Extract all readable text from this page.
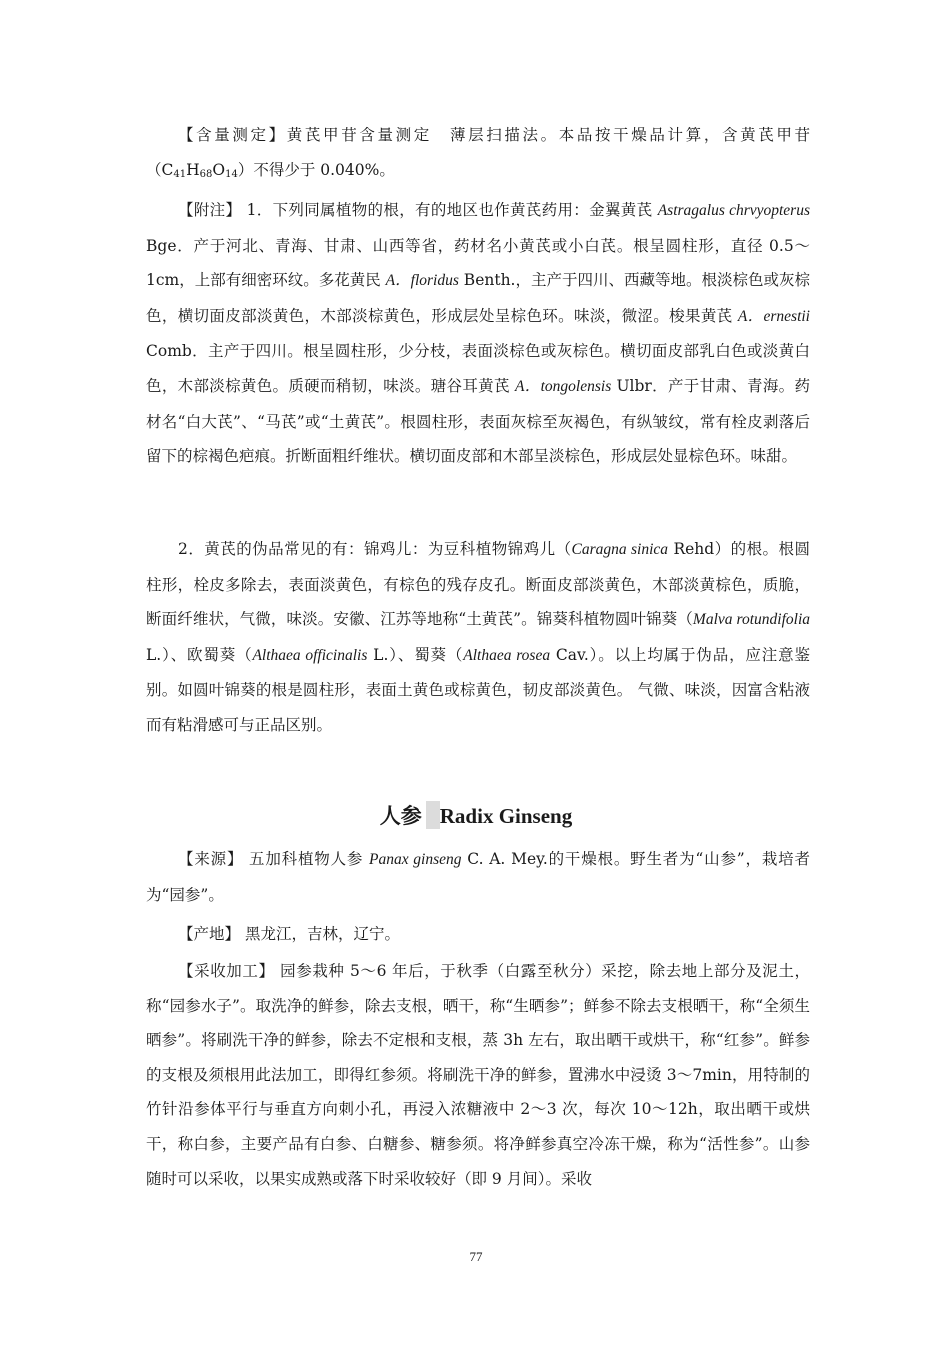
【含量测定】黄芪甲苷含量测定　薄层扫描法。本品按干燥品计算，含黄芪甲苷$(C_{41}H_{68}O_{14})$不得少于 0.040%。

【附注】 1．下列同属植物的根，有的地区也作黄芪药用：金翼黄芪 Astragalus chrvyopterus Bge．产于河北、青海、甘肃、山西等省，药材名小黄芪或小白芪。根呈圆柱形，直径 0.5～1cm，上部有细密环纹。多花黄民 A．floridus Benth.，主产于四川、西藏等地。根淡棕色或灰棕色，横切面皮部淡黄色，木部淡棕黄色，形成层处呈棕色环。味淡，微涩。梭果黄芪 A．ernestii Comb．主产于四川。根呈圆柱形，少分枝，表面淡棕色或灰棕色。横切面皮部乳白色或淡黄白色，木部淡棕黄色。质硬而稍韧，味淡。瑭谷耳黄芪 A．tongolensis Ulbr．产于甘肃、青海。药材名“白大芪”、“马芪”或“土黄芪”。根圆柱形，表面灰棕至灰褐色，有纵皱纹，常有栓皮剥落后留下的棕褐色疤痕。折断面粗纤维状。横切面皮部和木部呈淡棕色，形成层处显棕色环。味甜。

2．黄芪的伪品常见的有：锦鸡儿：为豆科植物锦鸡儿（Caragna sinica Rehd）的根。根圆柱形，栓皮多除去，表面淡黄色，有棕色的残存皮孔。断面皮部淡黄色，木部淡黄棕色，质脆，断面纤维状，气微，味淡。安徽、江苏等地称“土黄芪”。锦葵科植物圆叶锦葵（Malva rotundifolia L.）、欧蜀葵（Althaea officinalis L.）、蜀葵（Althaea rosea Cav.）。以上均属于伪品，应注意鉴别。如圆叶锦葵的根是圆柱形，表面土黄色或棕黄色，韧皮部淡黄色。 气微、味淡，因富含粘液而有粘滑感可与正品区别。

人参 Radix Ginseng

【来源】 五加科植物人参 Panax ginseng C. A. Mey.的干燥根。野生者为“山参”，栽培者为“园参”。

【产地】 黑龙江，吉林，辽宁。

【采收加工】 园参栽种 5～6 年后，于秋季（白露至秋分）采挖，除去地上部分及泥土，称“园参水子”。取洗净的鲜参，除去支根，晒干，称“生晒参”；鲜参不除去支根晒干，称“全须生晒参”。将刷洗干净的鲜参，除去不定根和支根，蒸 3h 左右，取出晒干或烘干，称“红参”。鲜参的支根及须根用此法加工，即得红参须。将刷洗干净的鲜参，置沸水中浸烫 3～7min，用特制的竹针沿参体平行与垂直方向刺小孔，再浸入浓糖液中 2～3 次，每次 10～12h，取出晒干或烘干，称白参，主要产品有白参、白糖参、糖参须。将净鲜参真空冷冻干燥，称为“活性参”。山参随时可以采收，以果实成熟或落下时采收较好（即 9 月间）。采收

77
